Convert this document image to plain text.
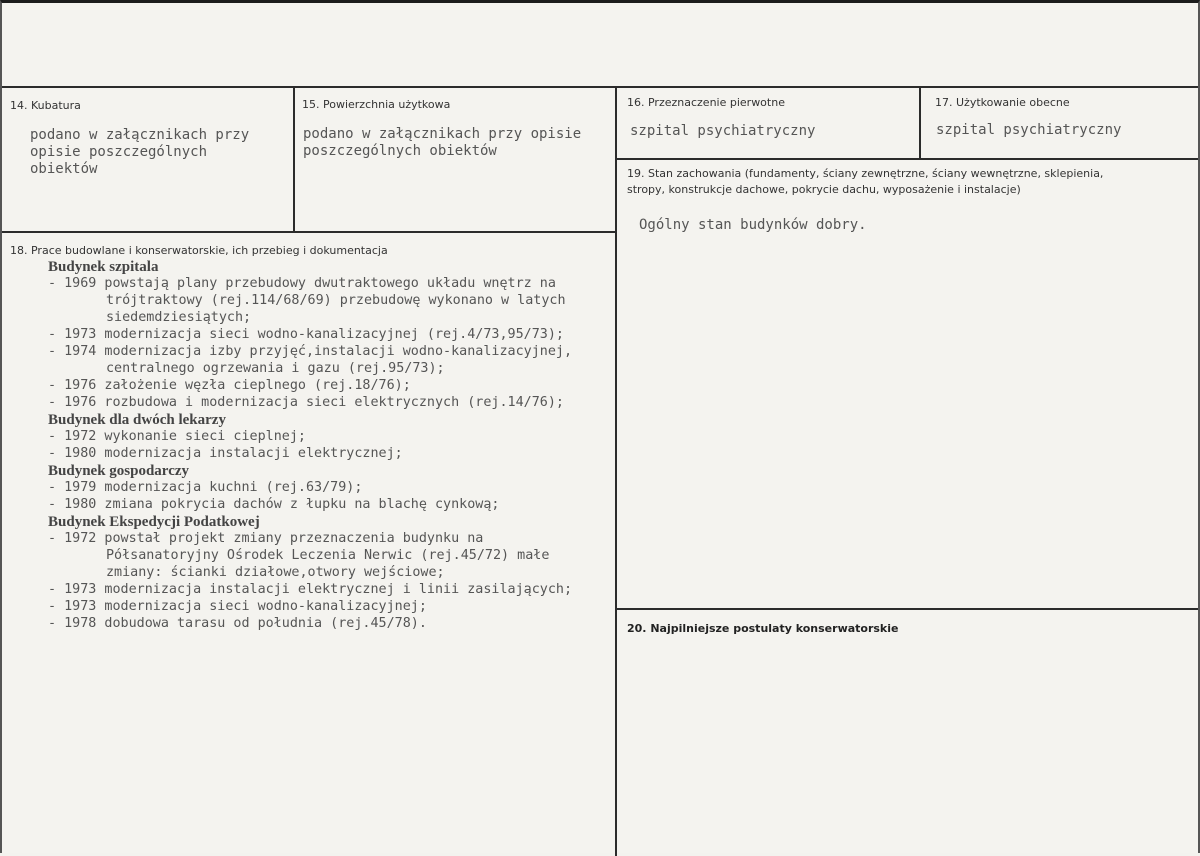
14. Kubatura
podano w załącznikach przy
opisie poszczególnych
obiektów
15. Powierzchnia użytkowa
podano w załącznikach przy opisie
poszczególnych obiektów
16. Przeznaczenie pierwotne
szpital psychiatryczny
17. Użytkowanie obecne
szpital psychiatryczny
19. Stan zachowania (fundamenty, ściany zewnętrzne, ściany wewnętrzne, sklepienia,
stropy, konstrukcje dachowe, pokrycie dachu, wyposażenie i instalacje)
Ogólny stan budynków dobry.
20. Najpilniejsze postulaty konserwatorskie
18. Prace budowlane i konserwatorskie, ich przebieg i dokumentacja
Budynek szpitala
- 1969 powstają plany przebudowy dwutraktowego układu wnętrz na
trójtraktowy (rej.114/68/69) przebudowę wykonano w latych
siedemdziesiątych;
- 1973 modernizacja sieci wodno-kanalizacyjnej (rej.4/73,95/73);
- 1974 modernizacja izby przyjęć,instalacji wodno-kanalizacyjnej,
centralnego ogrzewania i gazu (rej.95/73);
- 1976 założenie węzła cieplnego (rej.18/76);
- 1976 rozbudowa i modernizacja sieci elektrycznych (rej.14/76);
Budynek dla dwóch lekarzy
- 1972 wykonanie sieci cieplnej;
- 1980 modernizacja instalacji elektrycznej;
Budynek gospodarczy
- 1979 modernizacja kuchni (rej.63/79);
- 1980 zmiana pokrycia dachów z łupku na blachę cynkową;
Budynek Ekspedycji Podatkowej
- 1972 powstał projekt zmiany przeznaczenia budynku na
Półsanatoryjny Ośrodek Leczenia Nerwic (rej.45/72) małe
zmiany: ścianki działowe,otwory wejściowe;
- 1973 modernizacja instalacji elektrycznej i linii zasilających;
- 1973 modernizacja sieci wodno-kanalizacyjnej;
- 1978 dobudowa tarasu od południa (rej.45/78).
